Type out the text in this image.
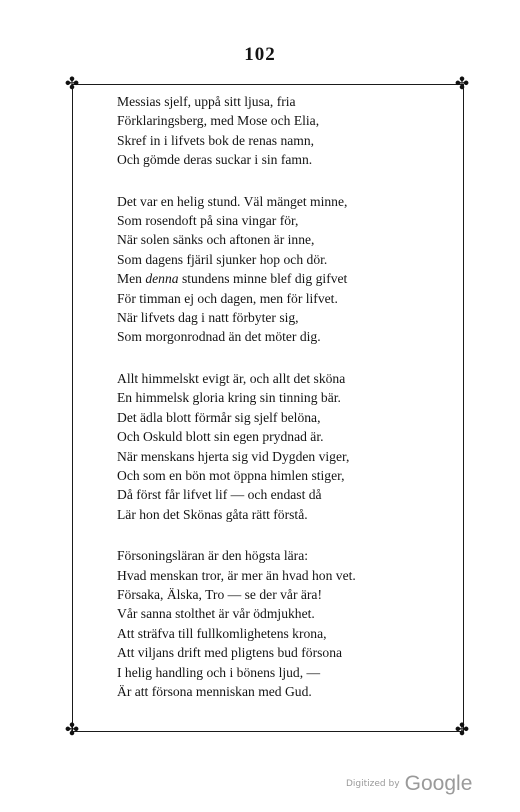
102
✤	✤
✤	✤
Messias sjelf, uppå sitt ljusa, fria
Förklaringsberg, med Mose och Elia,
Skref in i lifvets bok de renas namn,
Och gömde deras suckar i sin famn.
Det var en helig stund. Väl mänget minne,
Som rosendoft på sina vingar för,
När solen sänks och aftonen är inne,
Som dagens fjäril sjunker hop och dör.
Men denna stundens minne blef dig gifvet
För timman ej och dagen, men för lifvet.
När lifvets dag i natt förbyter sig,
Som morgonrodnad än det möter dig.
Allt himmelskt evigt är, och allt det sköna
En himmelsk gloria kring sin tinning bär.
Det ädla blott förmår sig sjelf belöna,
Och Oskuld blott sin egen prydnad är.
När menskans hjerta sig vid Dygden viger,
Och som en bön mot öppna himlen stiger,
Då först får lifvet lif — och endast då
Lär hon det Skönas gåta rätt förstå.
Försoningsläran är den högsta lära:
Hvad menskan tror, är mer än hvad hon vet.
Försaka, Älska, Tro — se der vår ära!
Vår sanna stolthet är vår ödmjukhet.
Att sträfva till fullkomlighetens krona,
Att viljans drift med pligtens bud försona
I helig handling och i bönens ljud, —
Är att försona menniskan med Gud.
Digitized by Google
